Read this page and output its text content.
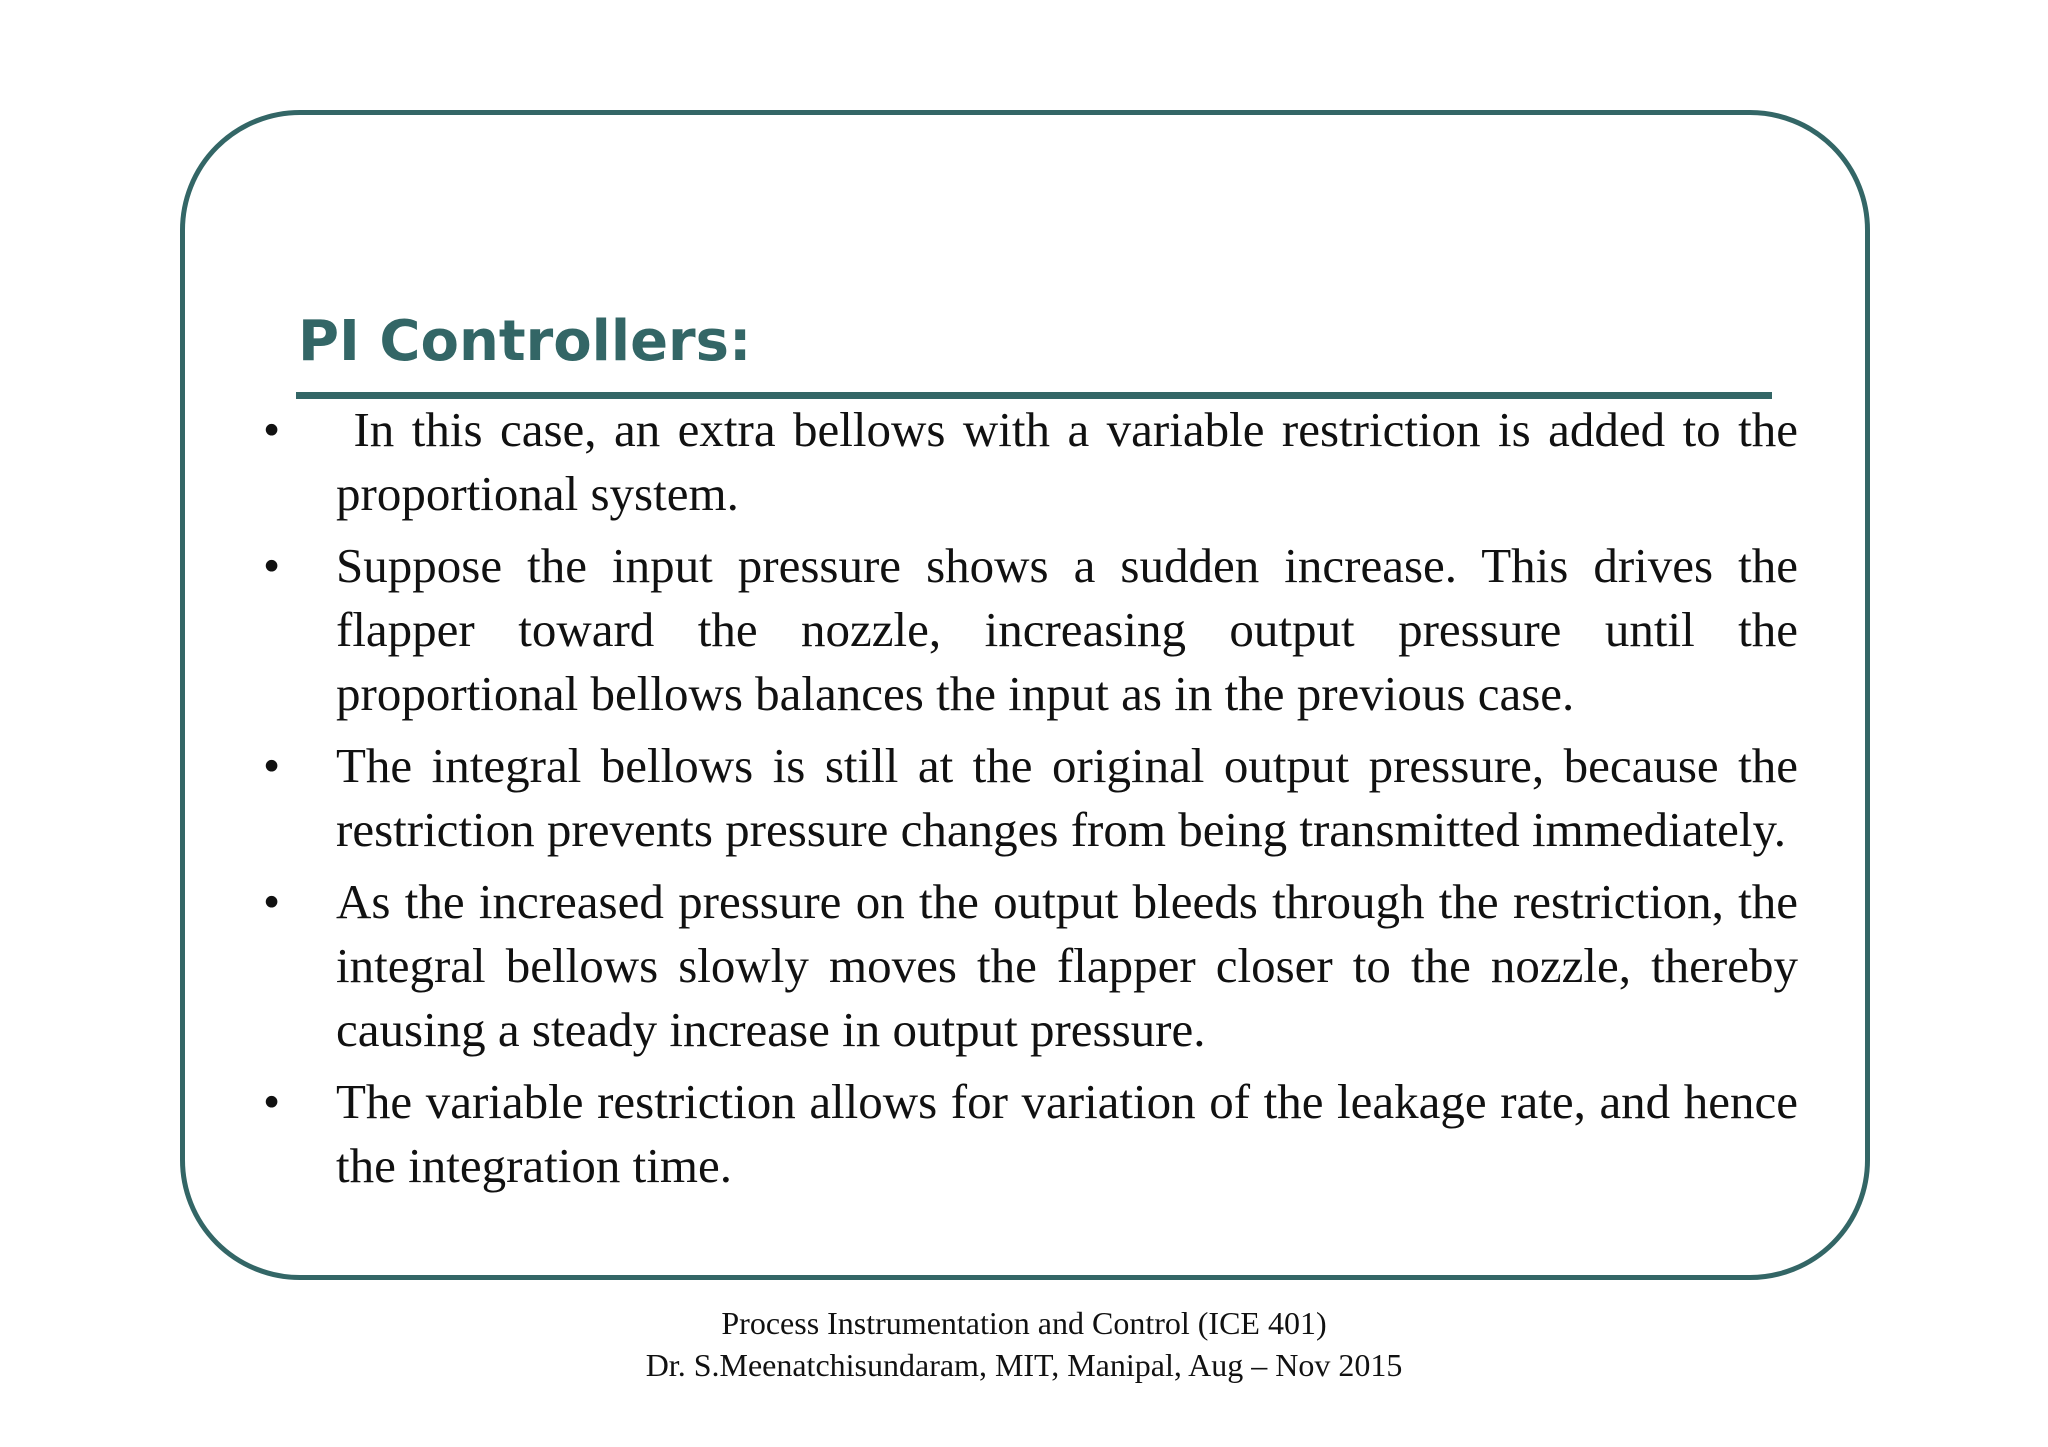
PI Controllers:
• In this case, an extra bellows with a variable restriction is added to the proportional system.
• Suppose the input pressure shows a sudden increase. This drives the flapper toward the nozzle, increasing output pressure until the proportional bellows balances the input as in the previous case.
• The integral bellows is still at the original output pressure, because the restriction prevents pressure changes from being transmitted immediately.
• As the increased pressure on the output bleeds through the restriction, the integral bellows slowly moves the flapper closer to the nozzle, thereby causing a steady increase in output pressure.
• The variable restriction allows for variation of the leakage rate, and hence the integration time.
Process Instrumentation and Control (ICE 401)
Dr. S.Meenatchisundaram, MIT, Manipal, Aug – Nov 2015
